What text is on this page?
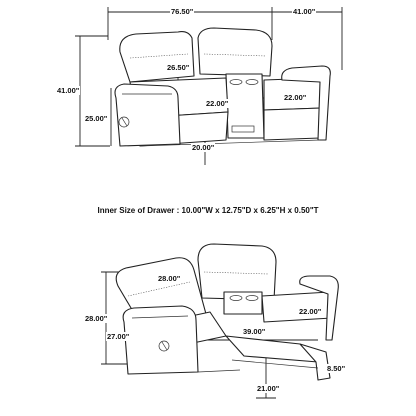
76.50"	41.00"
41.00"
26.50"
22.00"
22.00"
25.00"
20.00"
Inner Size of Drawer : 10.00"W x 12.75"D x 6.25"H x 0.50"T
28.00"
28.00"
27.00"
39.00"
22.00"
8.50"
21.00"
